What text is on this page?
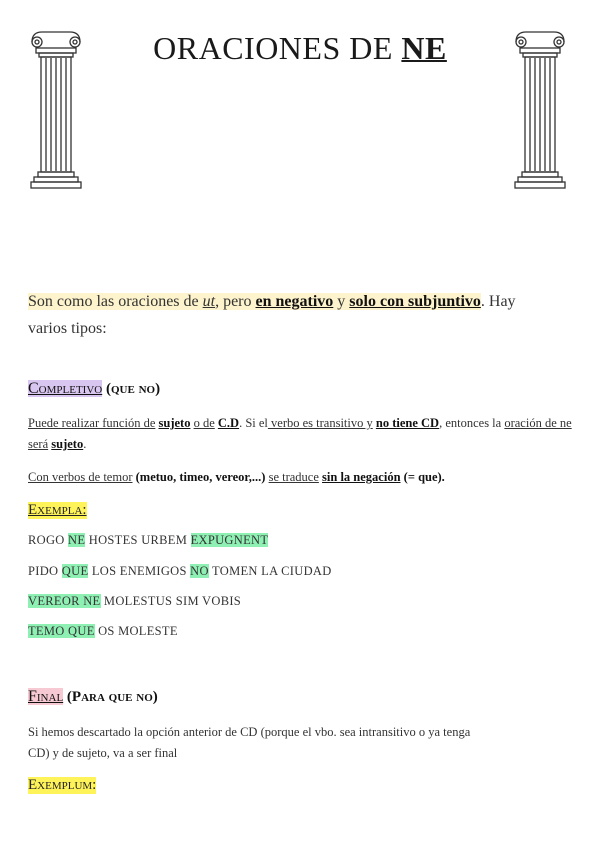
ORACIONES DE NE
Son como las oraciones de ut, pero en negativo y solo con subjuntivo. Hay
varios tipos:
Completivo (que no)
Puede realizar función de sujeto o de C.D. Si el verbo es transitivo y no tiene CD, entonces la oración de ne será sujeto.
Con verbos de temor (metuo, timeo, vereor,...) se traduce sin la negación (= que).
Exempla:
ROGO NE HOSTES URBEM EXPUGNENT
PIDO QUE LOS ENEMIGOS NO TOMEN LA CIUDAD
VEREOR NE MOLESTUS SIM VOBIS
TEMO QUE OS MOLESTE
Final (Para que no)
Si hemos descartado la opción anterior de CD (porque el vbo. sea intransitivo o ya tenga
CD) y de sujeto, va a ser final
Exemplum:
